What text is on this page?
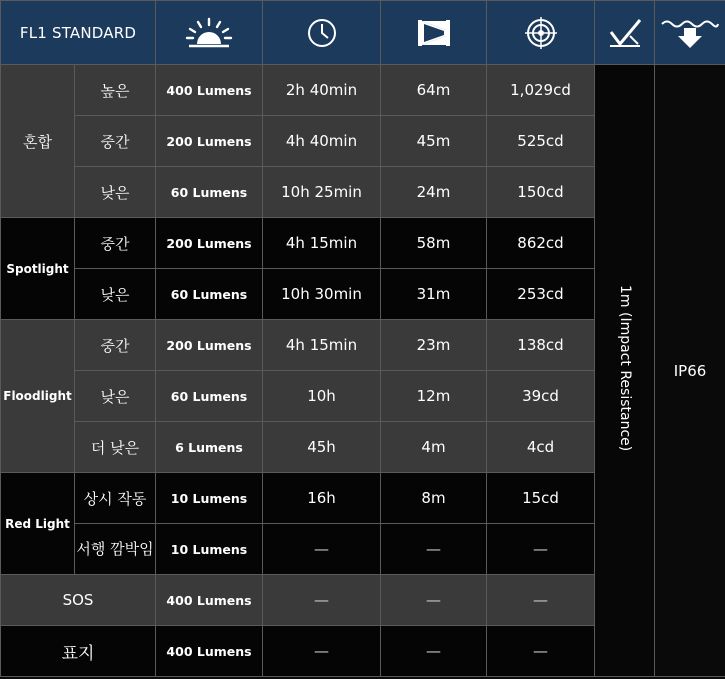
FL1 STANDARD	

혼합	높은	400 Lumens	2h 40min	64m	1,029cd	1m (Impact Resistance)	IP66
	중간	200 Lumens	4h 40min	45m	525cd		
	낮은	60 Lumens	10h 25min	24m	150cd		
Spotlight	중간	200 Lumens	4h 15min	58m	862cd		
	낮은	60 Lumens	10h 30min	31m	253cd		
Floodlight	중간	200 Lumens	4h 15min	23m	138cd		
	낮은	60 Lumens	10h	12m	39cd		
	더 낮은	6 Lumens	45h	4m	4cd		
Red Light	상시 작동	10 Lumens	16h	8m	15cd		
	서행 깜박임	10 Lumens	—	—	—		
SOS		400 Lumens	—	—	—		
표지		400 Lumens	—	—	—		
